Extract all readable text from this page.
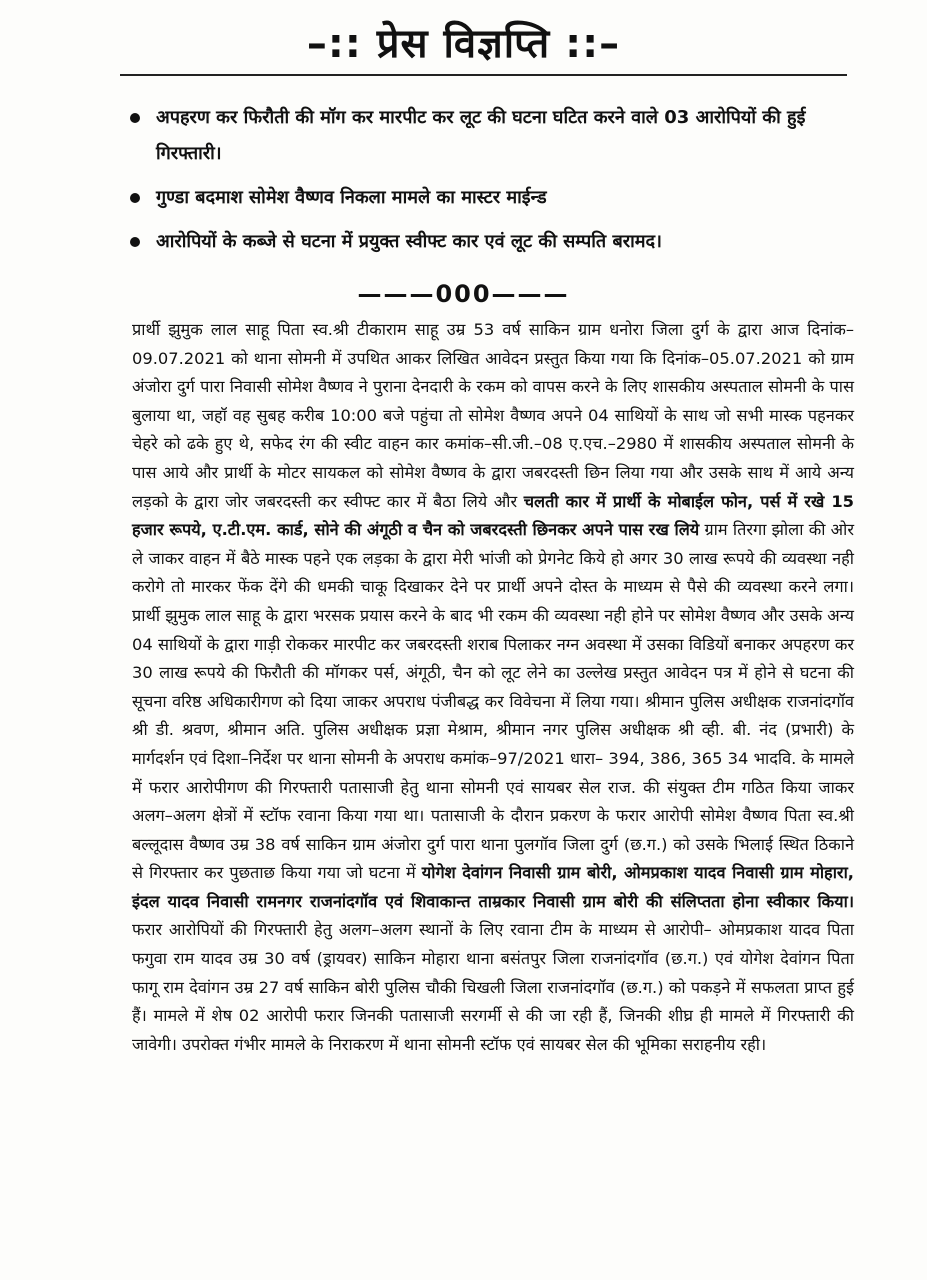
–:: प्रेस विज्ञप्ति ::–
अपहरण कर फिरौती की मॉग कर मारपीट कर लूट की घटना घटित करने वाले 03 आरोपियों की हुई गिरफ्तारी।
गुण्डा बदमाश सोमेश वैष्णव निकला मामले का मास्टर माईन्ड
आरोपियों के कब्जे से घटना में प्रयुक्त स्वीफ्ट कार एवं लूट की सम्पति बरामद।
———000———
प्रार्थी झुमुक लाल साहू पिता स्व.श्री टीकाराम साहू उम्र 53 वर्ष साकिन ग्राम धनोरा जिला दुर्ग के द्वारा आज दिनांक–09.07.2021 को थाना सोमनी में उपथित आकर लिखित आवेदन प्रस्तुत किया गया कि दिनांक–05.07.2021 को ग्राम अंजोरा दुर्ग पारा निवासी सोमेश वैष्णव ने पुराना देनदारी के रकम को वापस करने के लिए शासकीय अस्पताल सोमनी के पास बुलाया था, जहॉ वह सुबह करीब 10:00 बजे पहुंचा तो सोमेश वैष्णव अपने 04 साथियों के साथ जो सभी मास्क पहनकर चेहरे को ढके हुए थे, सफेद रंग की स्वीट वाहन कार कमांक–सी.जी.–08 ए.एच.–2980 में शासकीय अस्पताल सोमनी के पास आये और प्रार्थी के मोटर सायकल को सोमेश वैष्णव के द्वारा जबरदस्ती छिन लिया गया और उसके साथ में आये अन्य लड़को के द्वारा जोर जबरदस्ती कर स्वीफ्ट कार में बैठा लिये और चलती कार में प्रार्थी के मोबाईल फोन, पर्स में रखे 15 हजार रूपये, ए.टी.एम. कार्ड, सोने की अंगूठी व चैन को जबरदस्ती छिनकर अपने पास रख लिये ग्राम तिरगा झोला की ओर ले जाकर वाहन में बैठे मास्क पहने एक लड़का के द्वारा मेरी भांजी को प्रेगनेट किये हो अगर 30 लाख रूपये की व्यवस्था नही करोगे तो मारकर फेंक देंगे की धमकी चाकू दिखाकर देने पर प्रार्थी अपने दोस्त के माध्यम से पैसे की व्यवस्था करने लगा। प्रार्थी झुमुक लाल साहू के द्वारा भरसक प्रयास करने के बाद भी रकम की व्यवस्था नही होने पर सोमेश वैष्णव और उसके अन्य 04 साथियों के द्वारा गाड़ी रोककर मारपीट कर जबरदस्ती शराब पिलाकर नग्न अवस्था में उसका विडियों बनाकर अपहरण कर 30 लाख रूपये की फिरौती की मॉगकर पर्स, अंगूठी, चैन को लूट लेने का उल्लेख प्रस्तुत आवेदन पत्र में होने से घटना की सूचना वरिष्ठ अधिकारीगण को दिया जाकर अपराध पंजीबद्ध कर विवेचना में लिया गया। श्रीमान पुलिस अधीक्षक राजनांदगॉव श्री डी. श्रवण, श्रीमान अति. पुलिस अधीक्षक प्रज्ञा मेश्राम, श्रीमान नगर पुलिस अधीक्षक श्री व्ही. बी. नंद (प्रभारी) के मार्गदर्शन एवं दिशा–निर्देश पर थाना सोमनी के अपराध कमांक–97/2021 धारा– 394, 386, 365 34 भादवि. के मामले में फरार आरोपीगण की गिरफ्तारी पतासाजी हेतु थाना सोमनी एवं सायबर सेल राज. की संयुक्त टीम गठित किया जाकर अलग–अलग क्षेत्रों में स्टॉफ रवाना किया गया था। पतासाजी के दौरान प्रकरण के फरार आरोपी सोमेश वैष्णव पिता स्व.श्री बल्लूदास वैष्णव उम्र 38 वर्ष साकिन ग्राम अंजोरा दुर्ग पारा थाना पुलगॉव जिला दुर्ग (छ.ग.) को उसके भिलाई स्थित ठिकाने से गिरफ्तार कर पुछताछ किया गया जो घटना में योगेश देवांगन निवासी ग्राम बोरी, ओमप्रकाश यादव निवासी ग्राम मोहारा, इंदल यादव निवासी रामनगर राजनांदगॉव एवं शिवाकान्त ताम्रकार निवासी ग्राम बोरी की संलिप्तता होना स्वीकार किया। फरार आरोपियों की गिरफ्तारी हेतु अलग–अलग स्थानों के लिए रवाना टीम के माध्यम से आरोपी– ओमप्रकाश यादव पिता फगुवा राम यादव उम्र 30 वर्ष (ड्रायवर) साकिन मोहारा थाना बसंतपुर जिला राजनांदगॉव (छ.ग.) एवं योगेश देवांगन पिता फागू राम देवांगन उम्र 27 वर्ष साकिन बोरी पुलिस चौकी चिखली जिला राजनांदगॉव (छ.ग.) को पकड़ने में सफलता प्राप्त हुई हैं। मामले में शेष 02 आरोपी फरार जिनकी पतासाजी सरगर्मी से की जा रही हैं, जिनकी शीघ्र ही मामले में गिरफ्तारी की जावेगी। उपरोक्त गंभीर मामले के निराकरण में थाना सोमनी स्टॉफ एवं सायबर सेल की भूमिका सराहनीय रही।
